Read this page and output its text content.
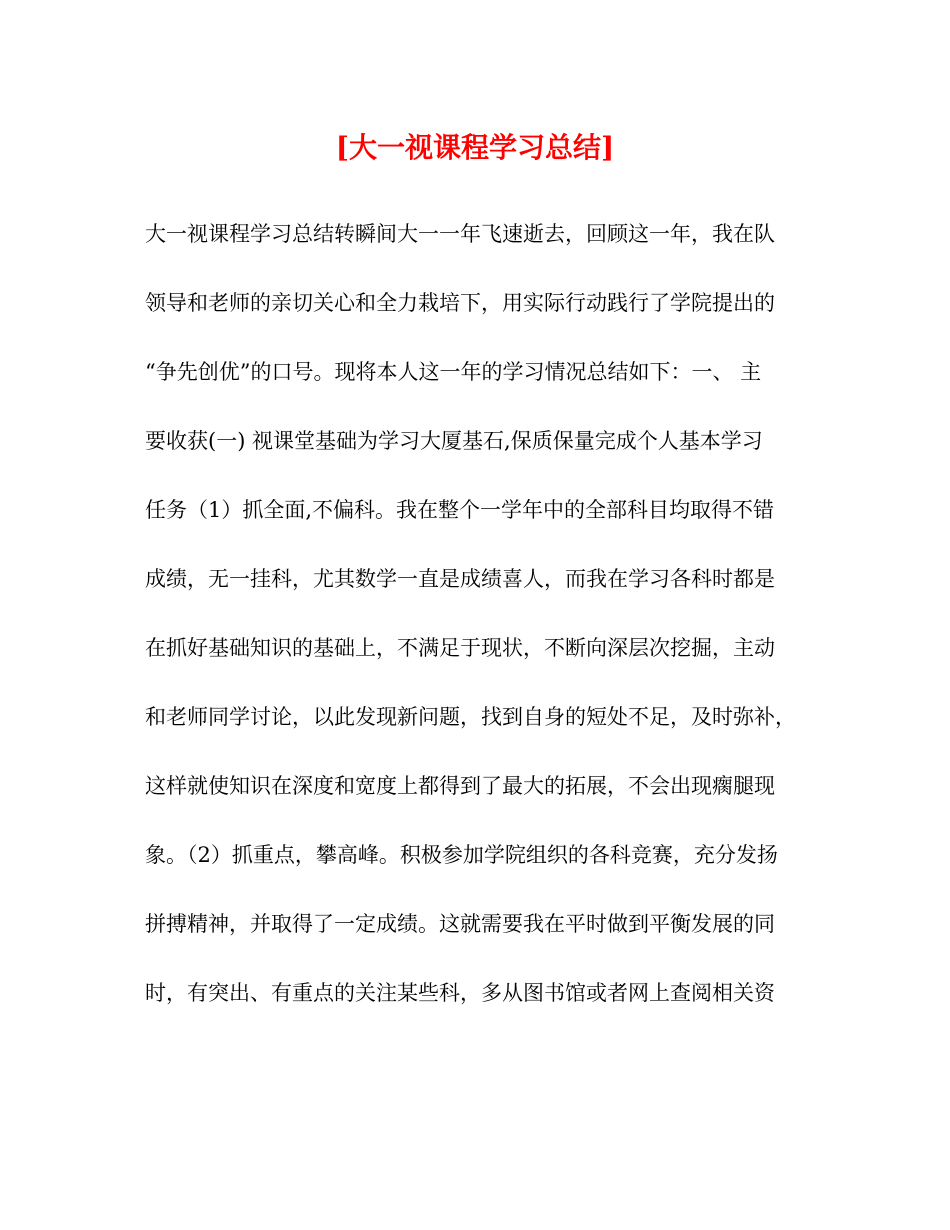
[大一视课程学习总结]
大一视课程学习总结转瞬间大一一年飞速逝去，回顾这一年，我在队
领导和老师的亲切关心和全力栽培下，用实际行动践行了学院提出的
“争先创优”的口号。现将本人这一年的学习情况总结如下：一、 主
要收获(一) 视课堂基础为学习大厦基石,保质保量完成个人基本学习
任务（1）抓全面,不偏科。我在整个一学年中的全部科目均取得不错
成绩，无一挂科，尤其数学一直是成绩喜人，而我在学习各科时都是
在抓好基础知识的基础上，不满足于现状，不断向深层次挖掘，主动
和老师同学讨论，以此发现新问题，找到自身的短处不足，及时弥补，
这样就使知识在深度和宽度上都得到了最大的拓展，不会出现瘸腿现
象。（2）抓重点，攀高峰。积极参加学院组织的各科竞赛，充分发扬
拼搏精神，并取得了一定成绩。这就需要我在平时做到平衡发展的同
时，有突出、有重点的关注某些科，多从图书馆或者网上查阅相关资
